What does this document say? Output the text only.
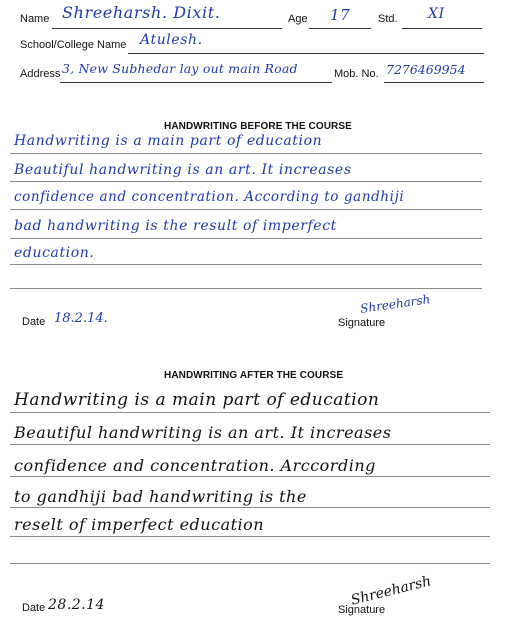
Name Shreeharsh. Dixit.	Age 17	Std. XI
School/College Name Atulesh.
Address 3, New Subhedar lay out main Road	Mob. No. 7276469954
HANDWRITING BEFORE THE COURSE
Handwriting is a main part of education
Beautiful handwriting is an art. It increases
confidence and concentration. According to gandhiji
bad handwriting is the result of imperfect
education.
Date 18.2.14.	Signature
Shreeharsh
HANDWRITING AFTER THE COURSE
Handwriting is a main part of education
Beautiful handwriting is an art. It increases
confidence and concentration. Arccording
to gandhiji bad handwriting is the
reselt of imperfect education
Date 28.2.14	Signature
Shreeharsh
